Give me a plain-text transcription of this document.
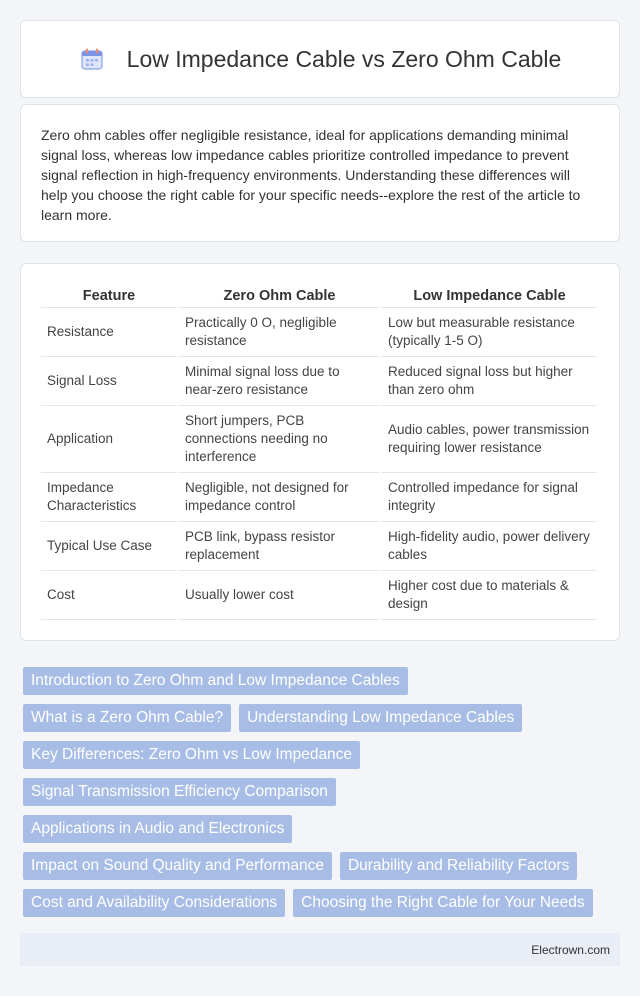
Low Impedance Cable vs Zero Ohm Cable

Zero ohm cables offer negligible resistance, ideal for applications demanding minimal signal loss, whereas low impedance cables prioritize controlled impedance to prevent signal reflection in high-frequency environments. Understanding these differences will help you choose the right cable for your specific needs--explore the rest of the article to learn more.

Feature	Zero Ohm Cable	Low Impedance Cable
Resistance	Practically 0 O, negligible resistance	Low but measurable resistance (typically 1-5 O)
Signal Loss	Minimal signal loss due to near-zero resistance	Reduced signal loss but higher than zero ohm
Application	Short jumpers, PCB connections needing no interference	Audio cables, power transmission requiring lower resistance
Impedance Characteristics	Negligible, not designed for impedance control	Controlled impedance for signal integrity
Typical Use Case	PCB link, bypass resistor replacement	High-fidelity audio, power delivery cables
Cost	Usually lower cost	Higher cost due to materials & design
Introduction to Zero Ohm and Low Impedance Cables
What is a Zero Ohm Cable?	Understanding Low Impedance Cables
Key Differences: Zero Ohm vs Low Impedance
Signal Transmission Efficiency Comparison
Applications in Audio and Electronics
Impact on Sound Quality and Performance	Durability and Reliability Factors
Cost and Availability Considerations	Choosing the Right Cable for Your Needs
Electrown.com
